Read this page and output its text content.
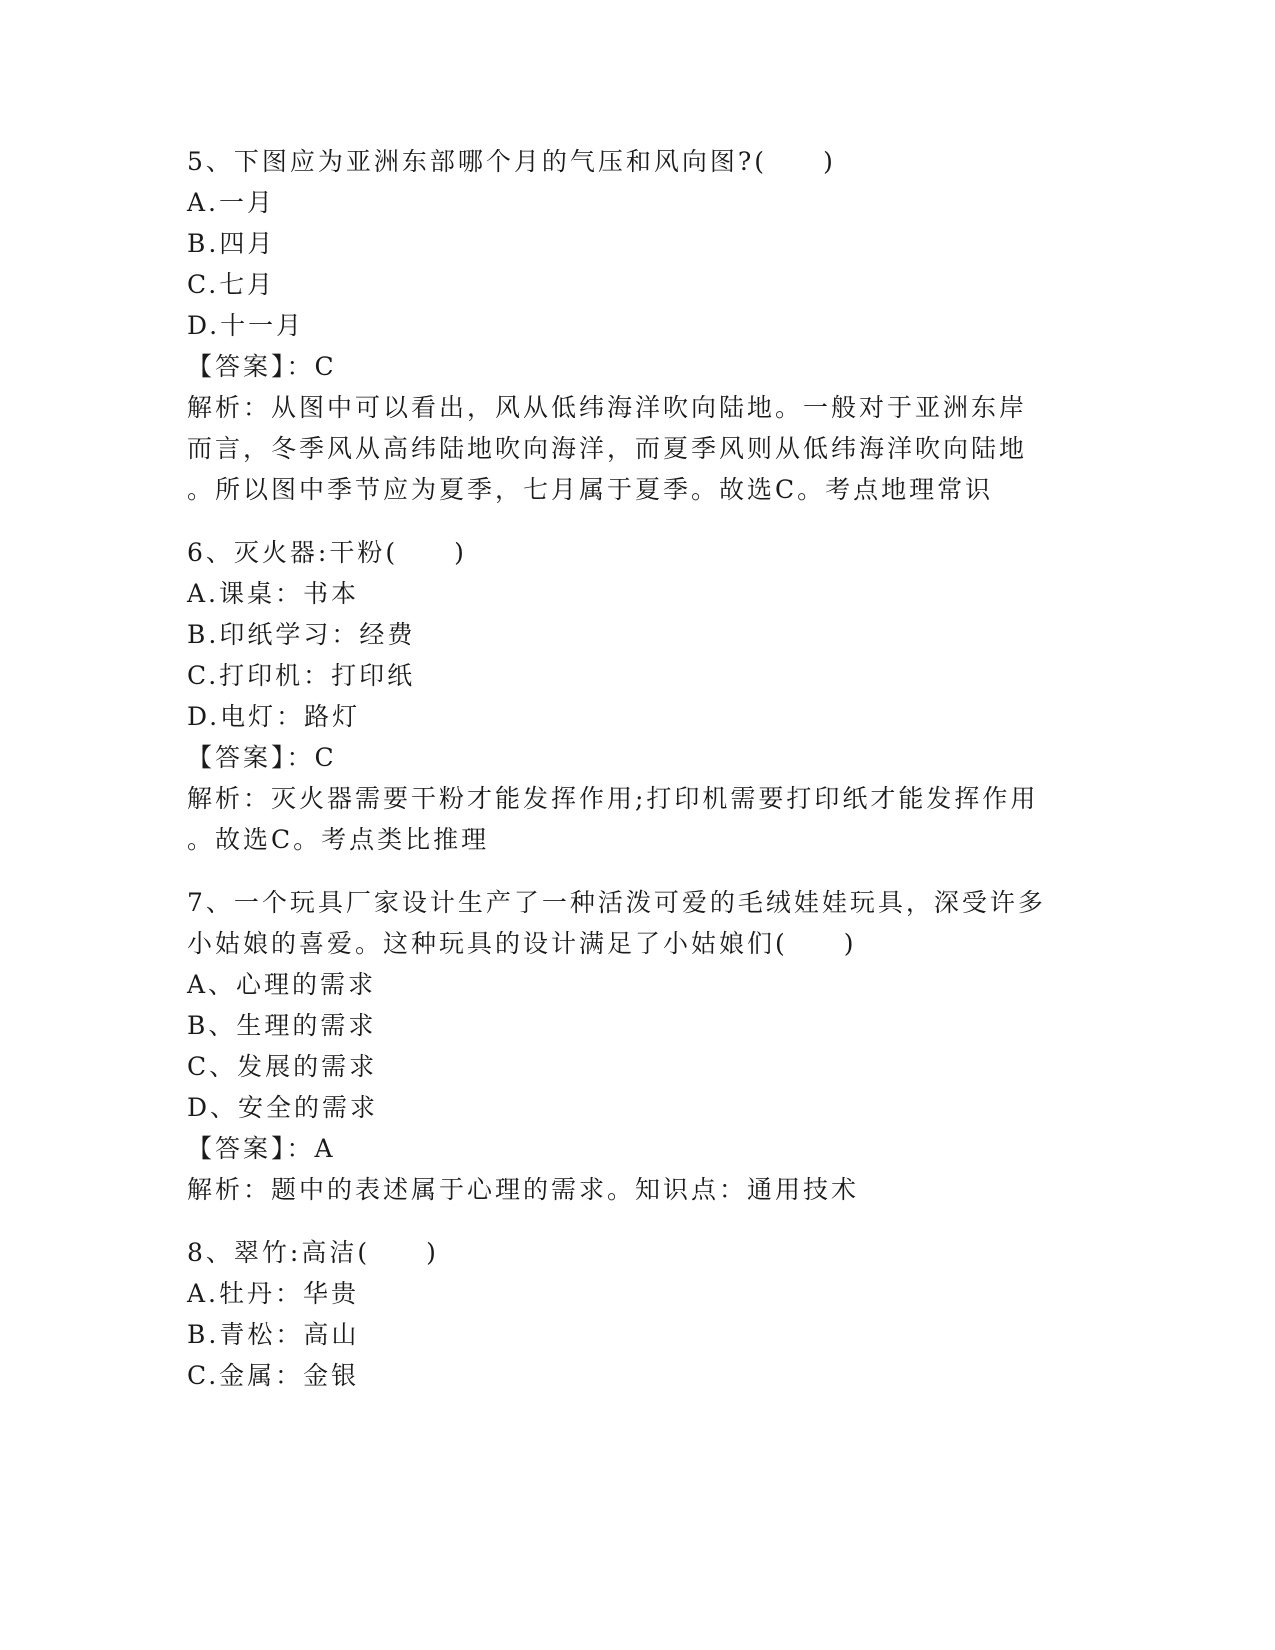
5、下图应为亚洲东部哪个月的气压和风向图?(　　)
A.一月
B.四月
C.七月
D.十一月
【答案】：C
解析：从图中可以看出，风从低纬海洋吹向陆地。一般对于亚洲东岸
而言，冬季风从高纬陆地吹向海洋，而夏季风则从低纬海洋吹向陆地
。所以图中季节应为夏季，七月属于夏季。故选C。考点地理常识
6、灭火器:干粉(　　)
A.课桌：书本
B.印纸学习：经费
C.打印机：打印纸
D.电灯：路灯
【答案】：C
解析：灭火器需要干粉才能发挥作用;打印机需要打印纸才能发挥作用
。故选C。考点类比推理
7、一个玩具厂家设计生产了一种活泼可爱的毛绒娃娃玩具，深受许多
小姑娘的喜爱。这种玩具的设计满足了小姑娘们(　　)
A、心理的需求
B、生理的需求
C、发展的需求
D、安全的需求
【答案】：A
解析：题中的表述属于心理的需求。知识点：通用技术
8、翠竹:高洁(　　)
A.牡丹：华贵
B.青松：高山
C.金属：金银
